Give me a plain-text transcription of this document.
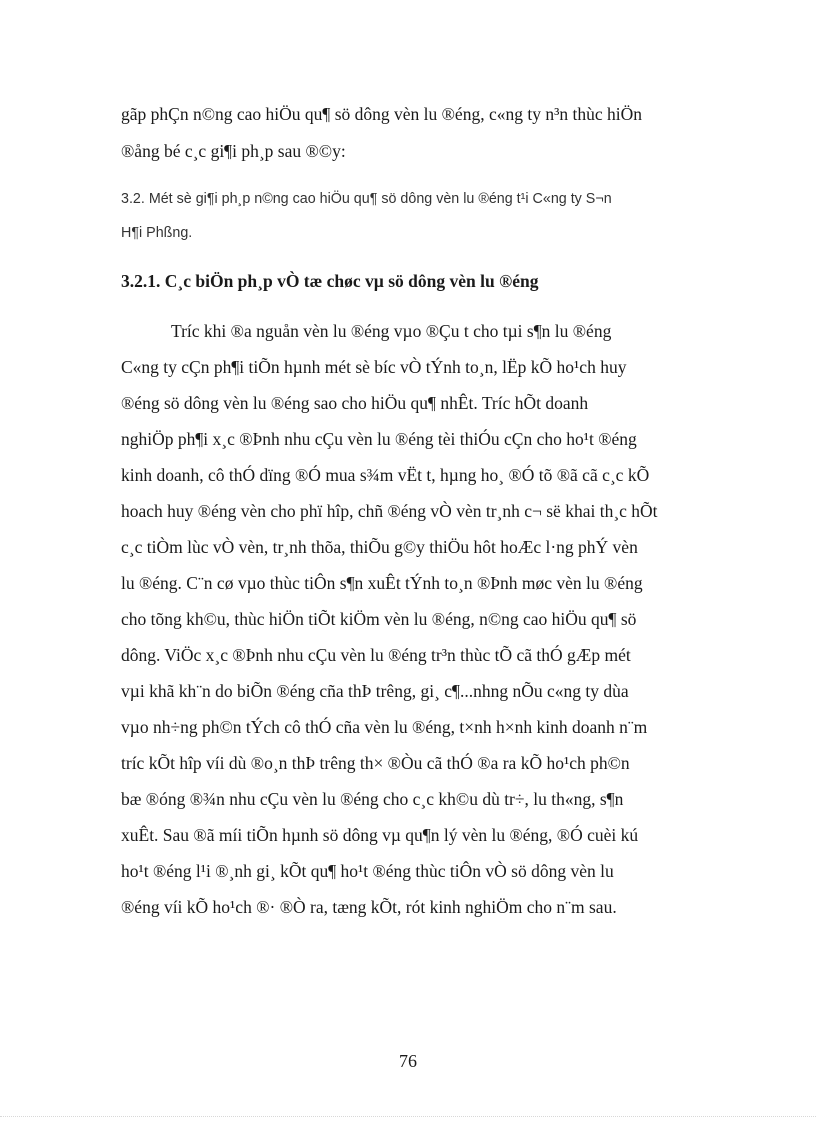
gãp phÇn n©ng cao hiÖu qu¶ sö dông vèn lu ®éng, c«ng ty n³n thùc hiÖn
®ång bé c¸c gi¶i ph¸p sau ®©y:
3.2. Mét sè gi¶i ph¸p n©ng cao hiÖu qu¶ sö dông vèn lu ®éng t¹i C«ng ty S¬n
H¶i Phßng.
3.2.1. C¸c biÖn ph¸p vÒ tæ chøc vµ sö dông vèn lu ®éng
Tríc khi ®a nguån vèn lu ®éng vµo ®Çu t cho tµi s¶n lu ®éng
C«ng ty cÇn ph¶i tiÕn hµnh mét sè bíc vÒ tÝnh to¸n, lËp kÕ ho¹ch huy
®éng sö dông vèn lu ®éng sao cho hiÖu qu¶ nhÊt. Tríc hÕt doanh
nghiÖp ph¶i x¸c ®Þnh nhu cÇu vèn lu ®éng tèi thiÓu cÇn cho ho¹t ®éng
kinh doanh, cô thÓ dïng ®Ó mua s¾m vËt t, hµng ho¸ ®Ó tõ ®ã cã c¸c kÕ
hoach huy ®éng vèn cho phï hîp, chñ ®éng vÒ vèn tr¸nh c¬ së khai th¸c hÕt
c¸c tiÒm lùc vÒ vèn, tr¸nh thõa, thiÕu g©y thiÖu hôt hoÆc l·ng phÝ vèn
lu ®éng. C¨n cø vµo thùc tiÔn s¶n xuÊt tÝnh to¸n ®Þnh møc vèn lu ®éng
cho tõng kh©u, thùc hiÖn tiÕt kiÖm vèn lu ®éng, n©ng cao hiÖu qu¶ sö
dông. ViÖc x¸c ®Þnh nhu cÇu vèn lu ®éng tr³n thùc tÕ cã thÓ gÆp mét
vµi khã kh¨n do biÕn ®éng cña thÞ trêng, gi¸ c¶...nhng nÕu c«ng ty dùa
vµo nh÷ng ph©n tÝch cô thÓ cña vèn lu ®éng, t×nh h×nh kinh doanh n¨m
tríc kÕt hîp víi dù ®o¸n thÞ trêng th× ®Òu cã thÓ ®a ra kÕ ho¹ch ph©n
bæ ®óng ®¾n nhu cÇu vèn lu ®éng cho c¸c kh©u dù tr÷, lu th«ng, s¶n
xuÊt. Sau ®ã míi tiÕn hµnh sö dông vµ qu¶n lý vèn lu ®éng, ®Ó cuèi kú
ho¹t ®éng l¹i ®¸nh gi¸ kÕt qu¶ ho¹t ®éng thùc tiÔn vÒ sö dông vèn lu
®éng víi kÕ ho¹ch ®· ®Ò ra, tæng kÕt, rót kinh nghiÖm cho n¨m sau.
76
